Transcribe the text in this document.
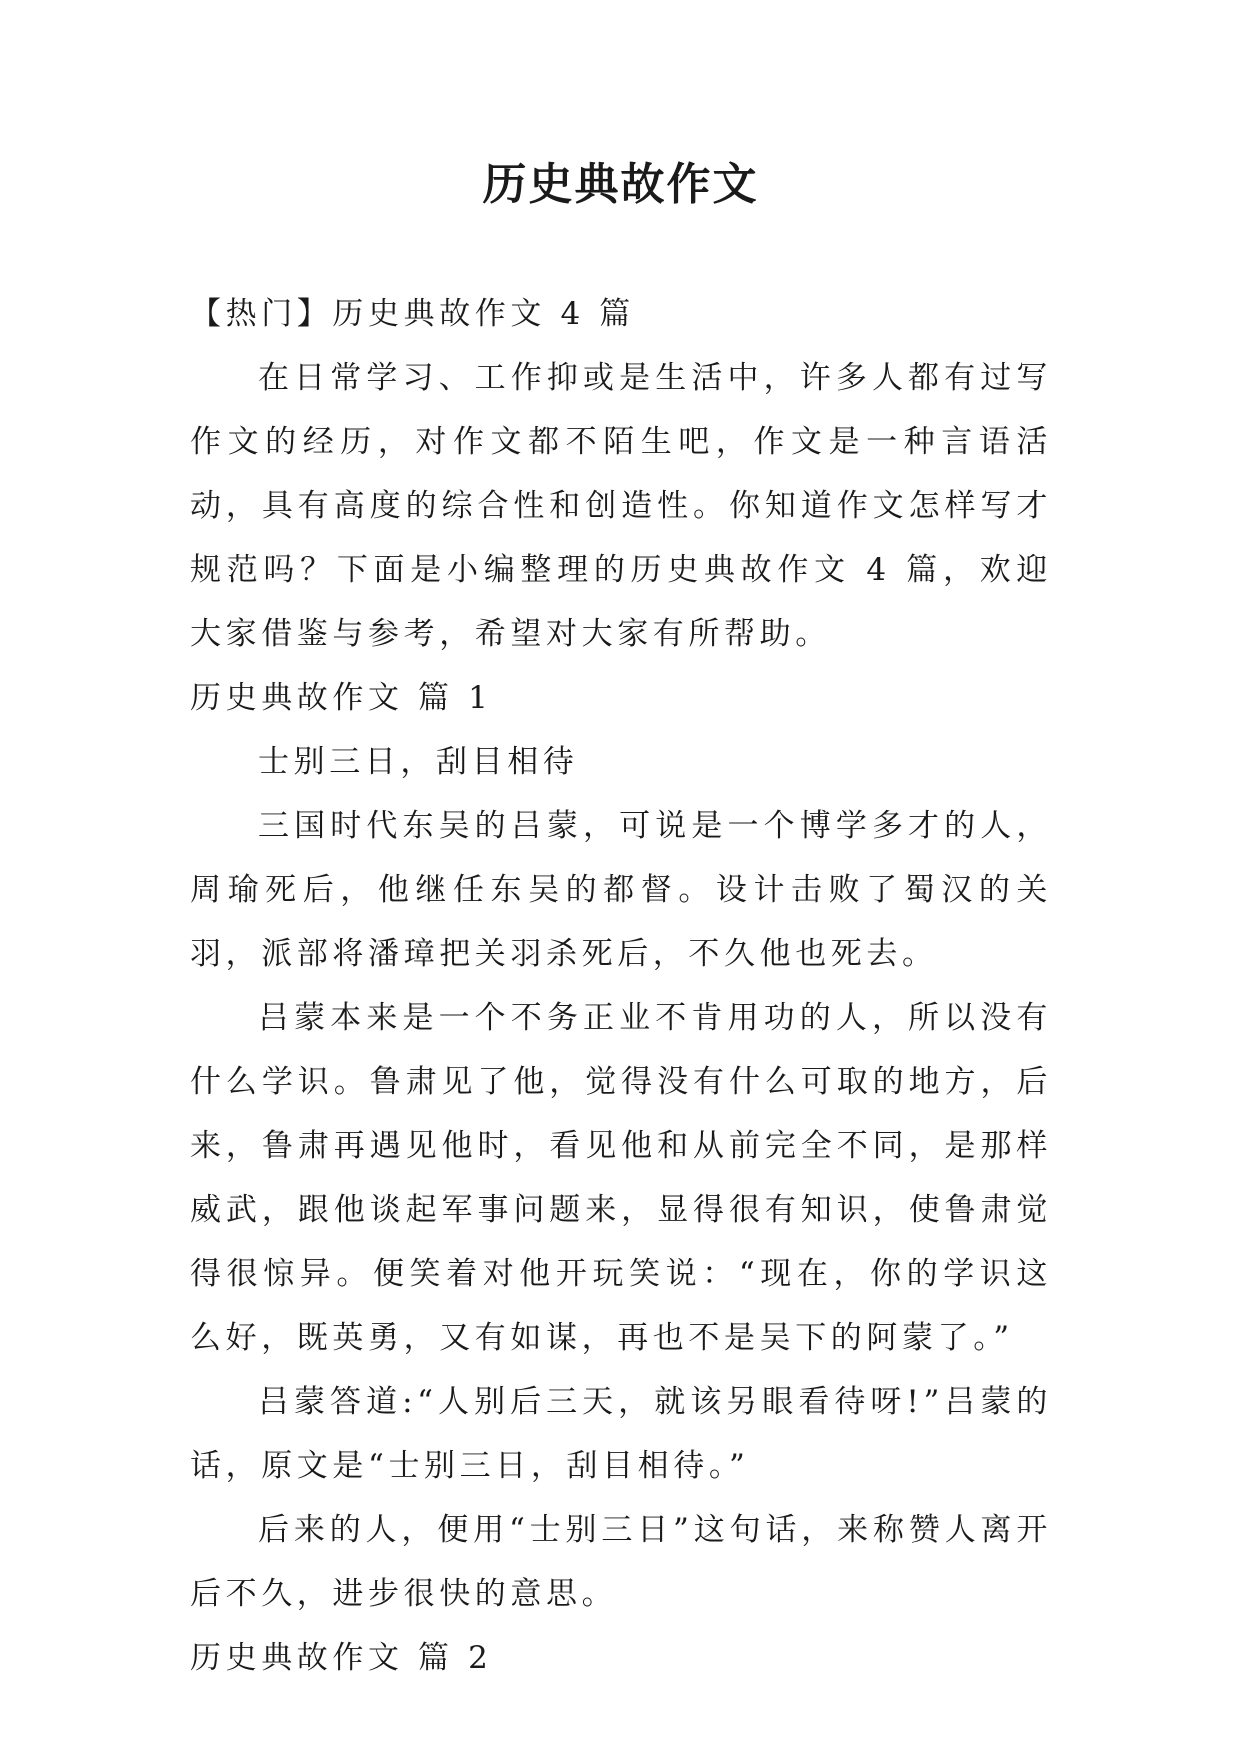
历史典故作文

【热门】历史典故作文 4 篇

在日常学习、工作抑或是生活中，许多人都有过写作文的经历，对作文都不陌生吧，作文是一种言语活动，具有高度的综合性和创造性。你知道作文怎样写才规范吗？下面是小编整理的历史典故作文 4 篇，欢迎大家借鉴与参考，希望对大家有所帮助。

历史典故作文 篇 1

士别三日，刮目相待

三国时代东吴的吕蒙，可说是一个博学多才的人，周瑜死后，他继任东吴的都督。设计击败了蜀汉的关羽，派部将潘璋把关羽杀死后，不久他也死去。

吕蒙本来是一个不务正业不肯用功的人，所以没有什么学识。鲁肃见了他，觉得没有什么可取的地方，后来，鲁肃再遇见他时，看见他和从前完全不同，是那样威武，跟他谈起军事问题来，显得很有知识，使鲁肃觉得很惊异。便笑着对他开玩笑说：“现在，你的学识这么好，既英勇，又有如谋，再也不是吴下的阿蒙了。”

吕蒙答道:“人别后三天，就该另眼看待呀!”吕蒙的话，原文是“士别三日，刮目相待。”

后来的人，便用“士别三日”这句话，来称赞人离开后不久，进步很快的意思。

历史典故作文 篇 2
